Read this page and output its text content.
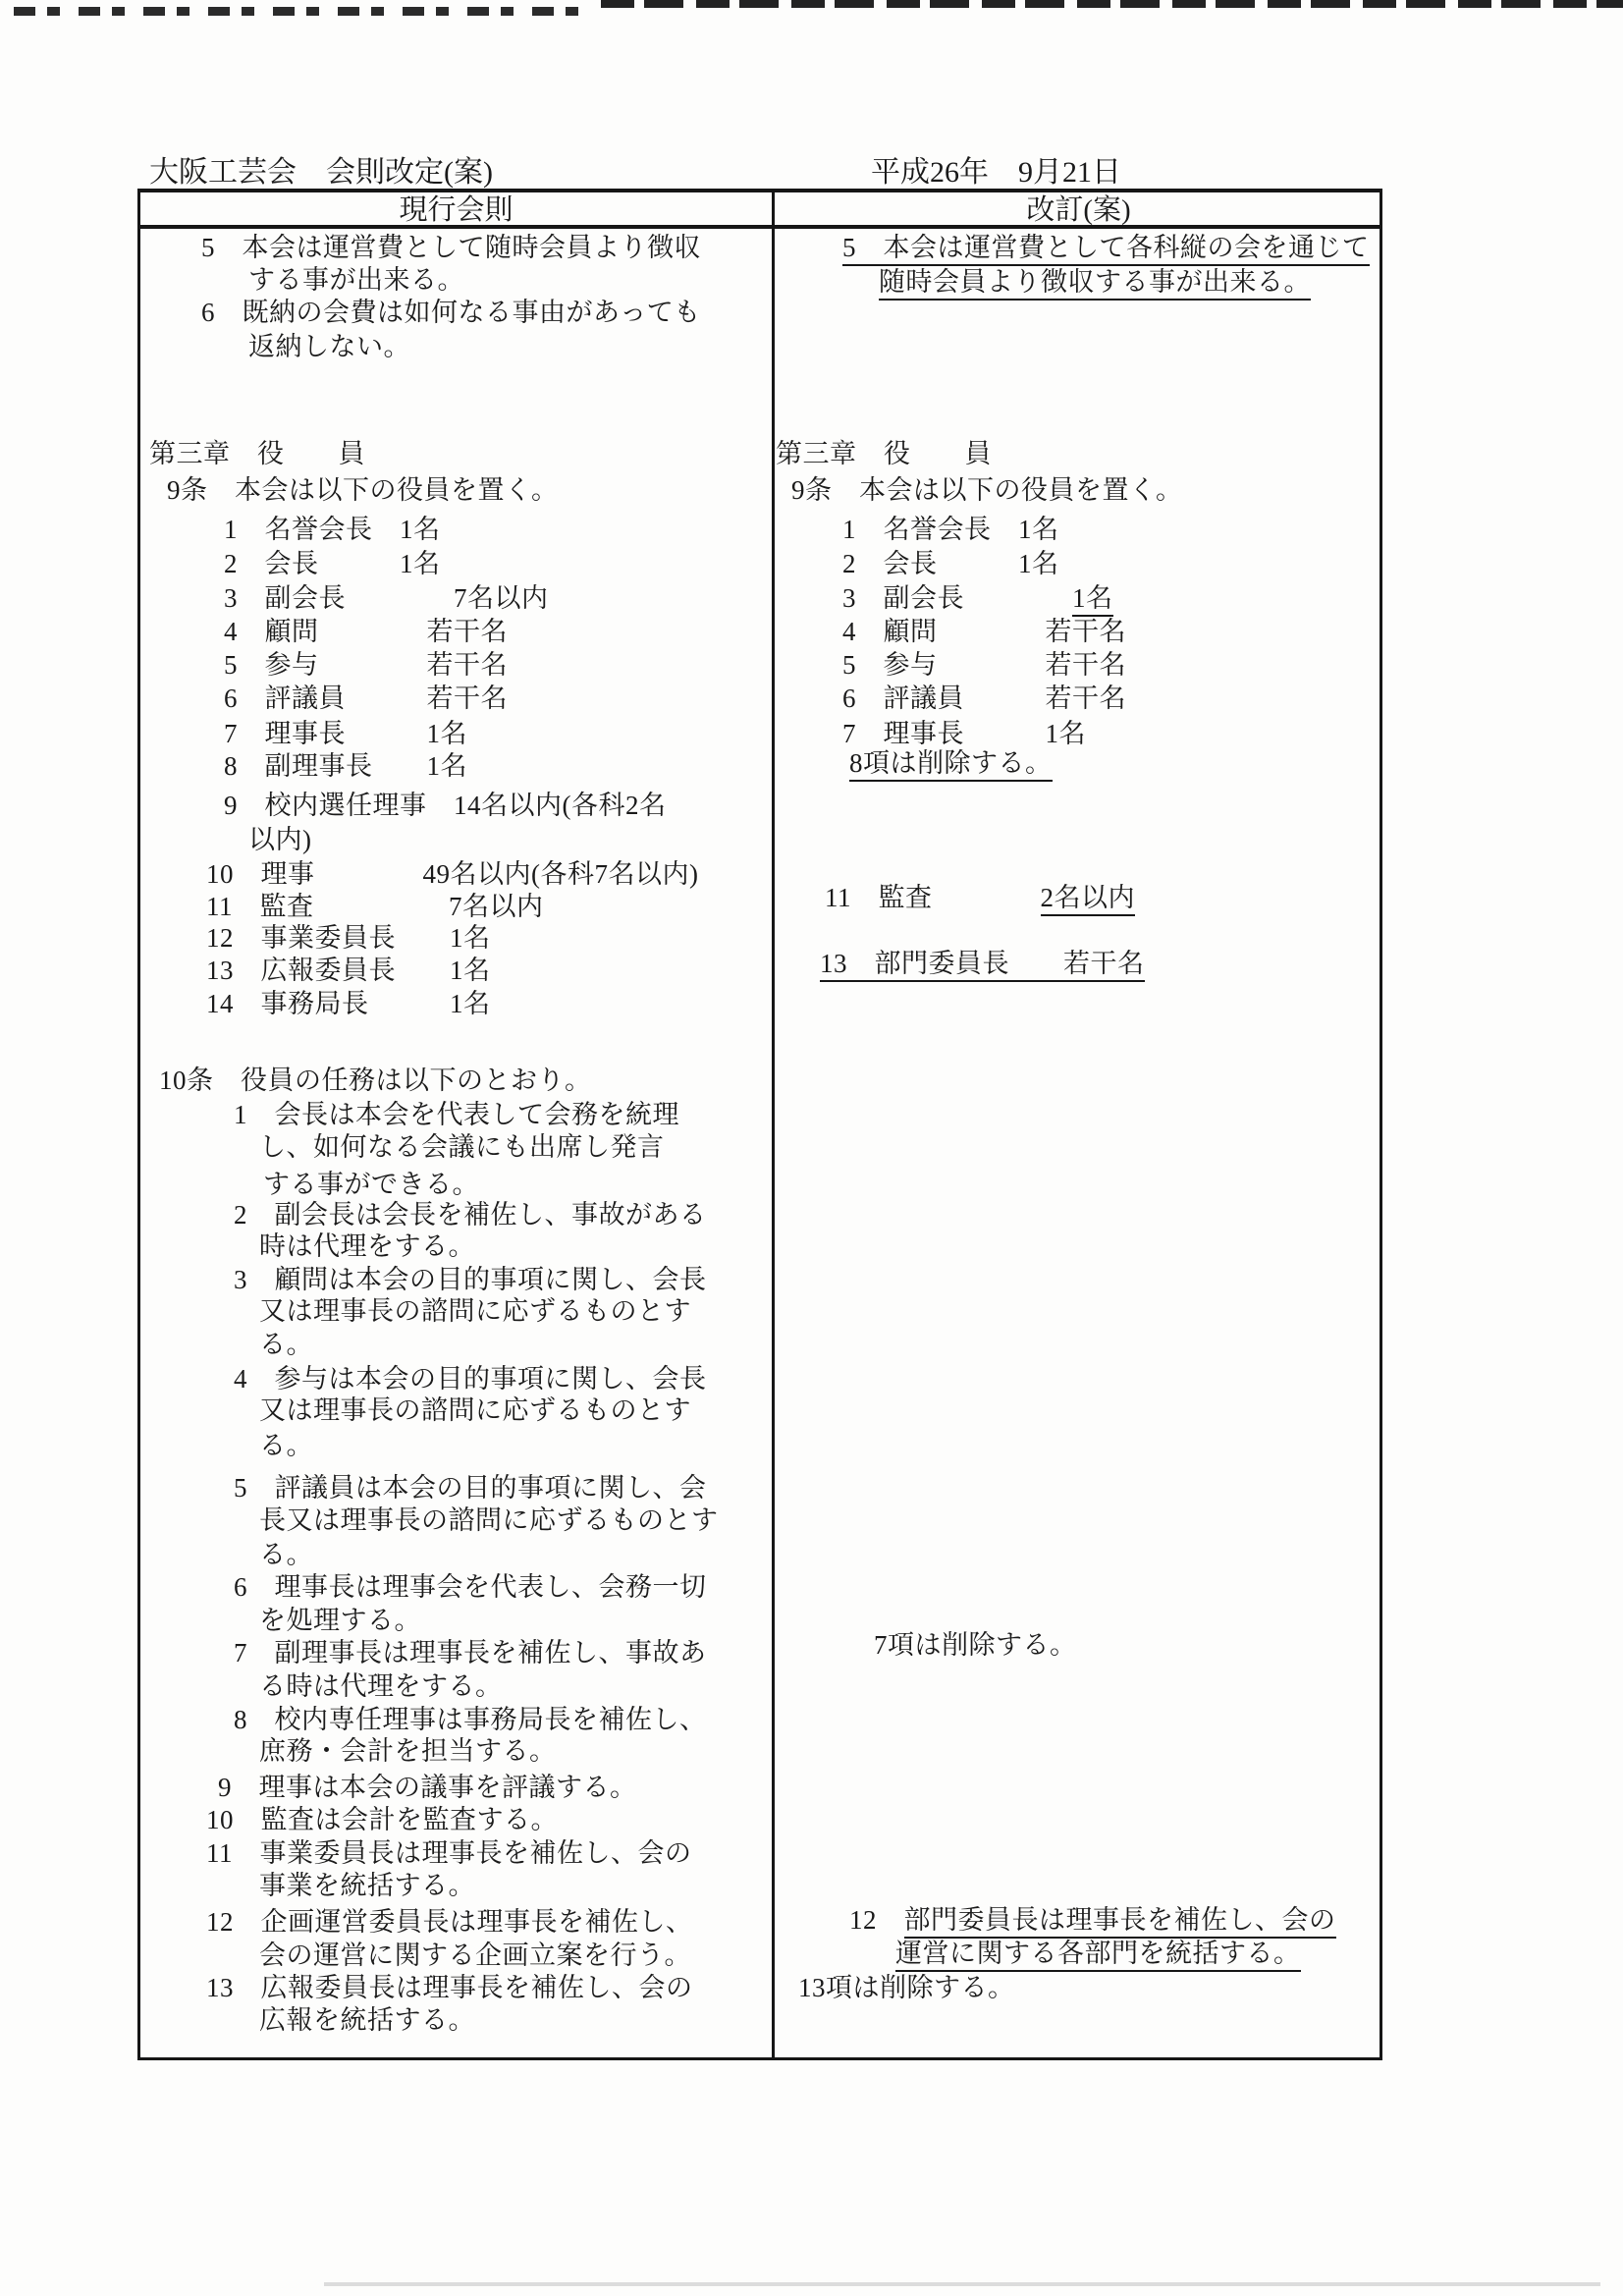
大阪工芸会　会則改定(案)	平成26年　9月21日
現行会則	改訂(案)
5　本会は運営費として随時会員より徴収
する事が出来る。
6　既納の会費は如何なる事由があっても
返納しない。
第三章　役　　員
9条　本会は以下の役員を置く。
1　名誉会長　1名
2　会長　　　1名
3　副会長　　　　7名以内
4　顧問　　　　若干名
5　参与　　　　若干名
6　評議員　　　若干名
7　理事長　　　1名
8　副理事長　　1名
9　校内選任理事　14名以内(各科2名
以内)
10　理事　　　　49名以内(各科7名以内)
11　監査　　　　　7名以内
12　事業委員長　　1名
13　広報委員長　　1名
14　事務局長　　　1名
10条　役員の任務は以下のとおり。
1　会長は本会を代表して会務を統理
し、如何なる会議にも出席し発言
する事ができる。
2　副会長は会長を補佐し、事故がある
時は代理をする。
3　顧問は本会の目的事項に関し、会長
又は理事長の諮問に応ずるものとす
る。
4　参与は本会の目的事項に関し、会長
又は理事長の諮問に応ずるものとす
る。
5　評議員は本会の目的事項に関し、会
長又は理事長の諮問に応ずるものとす
る。
6　理事長は理事会を代表し、会務一切
を処理する。
7　副理事長は理事長を補佐し、事故あ
る時は代理をする。
8　校内専任理事は事務局長を補佐し、
庶務・会計を担当する。
9　理事は本会の議事を評議する。
10　監査は会計を監査する。
11　事業委員長は理事長を補佐し、会の
事業を統括する。
12　企画運営委員長は理事長を補佐し、
会の運営に関する企画立案を行う。
13　広報委員長は理事長を補佐し、会の
広報を統括する。
5　本会は運営費として各科縦の会を通じて
随時会員より徴収する事が出来る。
第三章　役　　員
9条　本会は以下の役員を置く。
1　名誉会長　1名
2　会長　　　1名
3　副会長　　　　1名
4　顧問　　　　若干名
5　参与　　　　若干名
6　評議員　　　若干名
7　理事長　　　1名
8項は削除する。
11　監査　　　　2名以内
13　部門委員長　　若干名
7項は削除する。
12　部門委員長は理事長を補佐し、会の
運営に関する各部門を統括する。
13項は削除する。
